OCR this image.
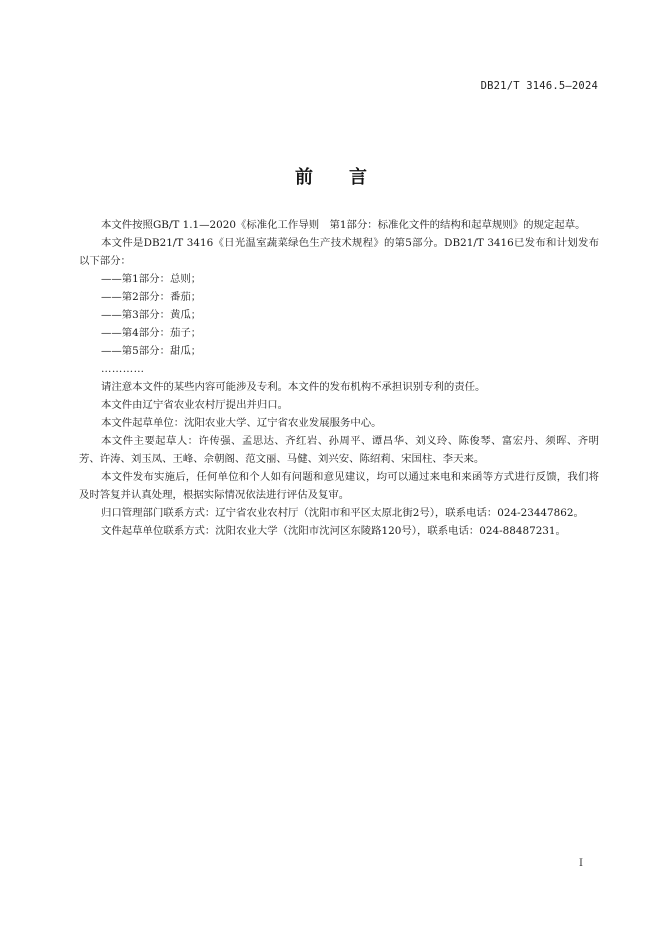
DB21/T 3146.5—2024
前言

本文件按照GB/T 1.1—2020《标准化工作导则　第1部分：标准化文件的结构和起草规则》的规定起草。

本文件是DB21/T 3416《日光温室蔬菜绿色生产技术规程》的第5部分。DB21/T 3416已发布和计划发布以下部分：

——第1部分：总则；

——第2部分：番茄；

——第3部分：黄瓜；

——第4部分：茄子；

——第5部分：甜瓜；

…………

请注意本文件的某些内容可能涉及专利。本文件的发布机构不承担识别专利的责任。

本文件由辽宁省农业农村厅提出并归口。

本文件起草单位：沈阳农业大学、辽宁省农业发展服务中心。

本文件主要起草人：许传强、孟思达、齐红岩、孙周平、谭昌华、刘义玲、陈俊琴、富宏丹、须晖、齐明芳、许涛、刘玉凤、王峰、佘朝阁、范文丽、马健、刘兴安、陈绍莉、宋国柱、李天来。

本文件发布实施后，任何单位和个人如有问题和意见建议，均可以通过来电和来函等方式进行反馈，我们将及时答复并认真处理，根据实际情况依法进行评估及复审。

归口管理部门联系方式：辽宁省农业农村厅（沈阳市和平区太原北街2号），联系电话：024-23447862。

文件起草单位联系方式：沈阳农业大学（沈阳市沈河区东陵路120号），联系电话：024-88487231。

I
